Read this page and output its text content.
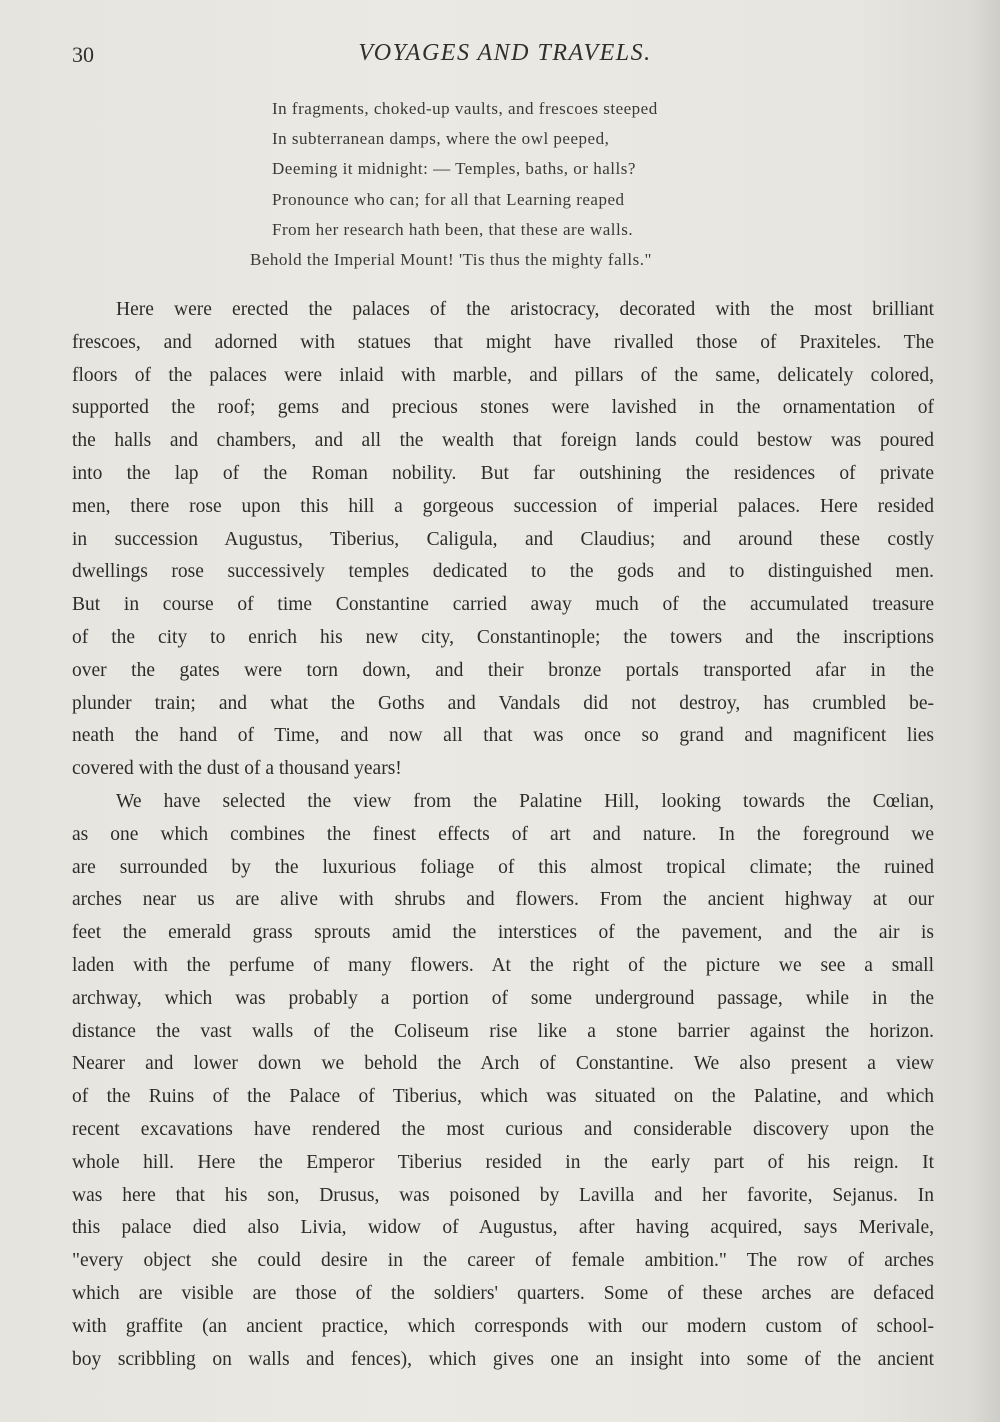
30	VOYAGES AND TRAVELS.
In fragments, choked-up vaults, and frescoes steeped
In subterranean damps, where the owl peeped,
Deeming it midnight: — Temples, baths, or halls?
Pronounce who can; for all that Learning reaped
From her research hath been, that these are walls.
Behold the Imperial Mount! 'Tis thus the mighty falls."
Here were erected the palaces of the aristocracy, decorated with the most brilliant
frescoes, and adorned with statues that might have rivalled those of Praxiteles. The
floors of the palaces were inlaid with marble, and pillars of the same, delicately colored,
supported the roof; gems and precious stones were lavished in the ornamentation of
the halls and chambers, and all the wealth that foreign lands could bestow was poured
into the lap of the Roman nobility. But far outshining the residences of private
men, there rose upon this hill a gorgeous succession of imperial palaces. Here resided
in succession Augustus, Tiberius, Caligula, and Claudius; and around these costly
dwellings rose successively temples dedicated to the gods and to distinguished men.
But in course of time Constantine carried away much of the accumulated treasure
of the city to enrich his new city, Constantinople; the towers and the inscriptions
over the gates were torn down, and their bronze portals transported afar in the
plunder train; and what the Goths and Vandals did not destroy, has crumbled be-
neath the hand of Time, and now all that was once so grand and magnificent lies
covered with the dust of a thousand years!
We have selected the view from the Palatine Hill, looking towards the Cœlian,
as one which combines the finest effects of art and nature. In the foreground we
are surrounded by the luxurious foliage of this almost tropical climate; the ruined
arches near us are alive with shrubs and flowers. From the ancient highway at our
feet the emerald grass sprouts amid the interstices of the pavement, and the air is
laden with the perfume of many flowers. At the right of the picture we see a small
archway, which was probably a portion of some underground passage, while in the
distance the vast walls of the Coliseum rise like a stone barrier against the horizon.
Nearer and lower down we behold the Arch of Constantine. We also present a view
of the Ruins of the Palace of Tiberius, which was situated on the Palatine, and which
recent excavations have rendered the most curious and considerable discovery upon the
whole hill. Here the Emperor Tiberius resided in the early part of his reign. It
was here that his son, Drusus, was poisoned by Lavilla and her favorite, Sejanus. In
this palace died also Livia, widow of Augustus, after having acquired, says Merivale,
"every object she could desire in the career of female ambition." The row of arches
which are visible are those of the soldiers' quarters. Some of these arches are defaced
with graffite (an ancient practice, which corresponds with our modern custom of school-
boy scribbling on walls and fences), which gives one an insight into some of the ancient
